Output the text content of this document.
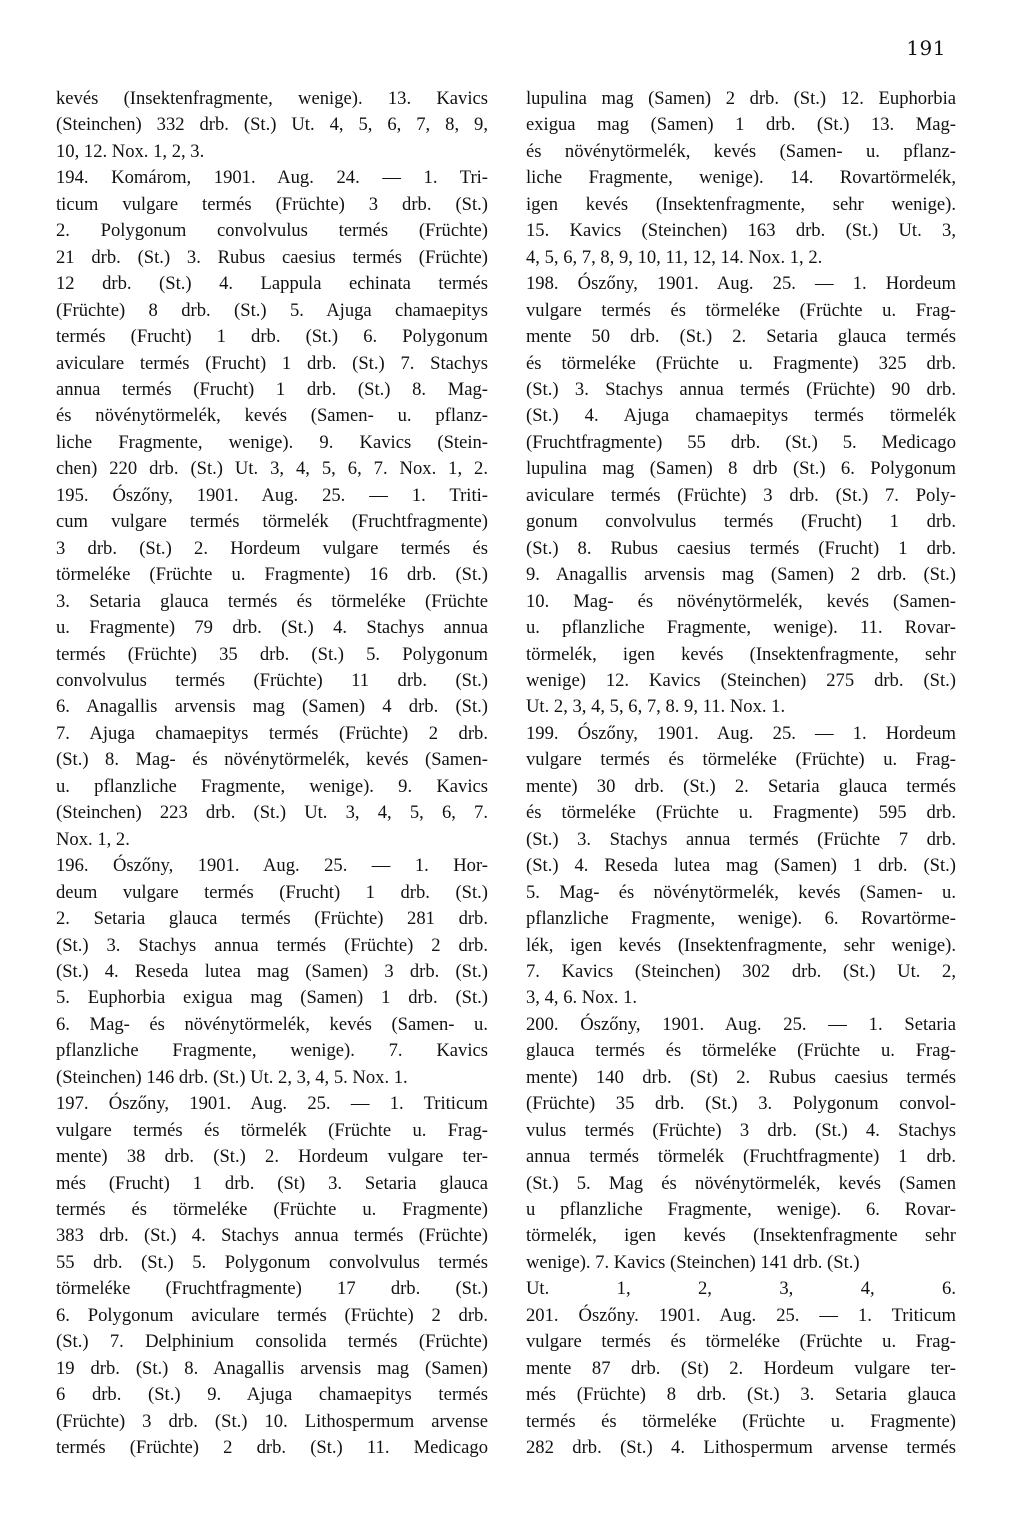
191
kevés (Insektenfragmente, wenige). 13. Kavics
(Steinchen) 332 drb. (St.) Ut. 4, 5, 6, 7, 8, 9,
10, 12. Nox. 1, 2, 3.
194. Komárom, 1901. Aug. 24. — 1. Tri-
ticum vulgare termés (Früchte) 3 drb. (St.)
2. Polygonum convolvulus termés (Früchte)
21 drb. (St.) 3. Rubus caesius termés (Früchte)
12 drb. (St.) 4. Lappula echinata termés
(Früchte) 8 drb. (St.) 5. Ajuga chamaepitys
termés (Frucht) 1 drb. (St.) 6. Polygonum
aviculare termés (Frucht) 1 drb. (St.) 7. Stachys
annua termés (Frucht) 1 drb. (St.) 8. Mag-
és növénytörmelék, kevés (Samen- u. pflanz-
liche Fragmente, wenige). 9. Kavics (Stein-
chen) 220 drb. (St.) Ut. 3, 4, 5, 6, 7. Nox. 1, 2.
195. Ószőny, 1901. Aug. 25. — 1. Triti-
cum vulgare termés törmelék (Fruchtfragmente)
3 drb. (St.) 2. Hordeum vulgare termés és
törmeléke (Früchte u. Fragmente) 16 drb. (St.)
3. Setaria glauca termés és törmeléke (Früchte
u. Fragmente) 79 drb. (St.) 4. Stachys annua
termés (Früchte) 35 drb. (St.) 5. Polygonum
convolvulus termés (Früchte) 11 drb. (St.)
6. Anagallis arvensis mag (Samen) 4 drb. (St.)
7. Ajuga chamaepitys termés (Früchte) 2 drb.
(St.) 8. Mag- és növénytörmelék, kevés (Samen-
u. pflanzliche Fragmente, wenige). 9. Kavics
(Steinchen) 223 drb. (St.) Ut. 3, 4, 5, 6, 7.
Nox. 1, 2.
196. Ószőny, 1901. Aug. 25. — 1. Hor-
deum vulgare termés (Frucht) 1 drb. (St.)
2. Setaria glauca termés (Früchte) 281 drb.
(St.) 3. Stachys annua termés (Früchte) 2 drb.
(St.) 4. Reseda lutea mag (Samen) 3 drb. (St.)
5. Euphorbia exigua mag (Samen) 1 drb. (St.)
6. Mag- és növénytörmelék, kevés (Samen- u.
pflanzliche Fragmente, wenige). 7. Kavics
(Steinchen) 146 drb. (St.) Ut. 2, 3, 4, 5. Nox. 1.
197. Ószőny, 1901. Aug. 25. — 1. Triticum
vulgare termés és törmelék (Früchte u. Frag-
mente) 38 drb. (St.) 2. Hordeum vulgare ter-
més (Frucht) 1 drb. (St) 3. Setaria glauca
termés és törmeléke (Früchte u. Fragmente)
383 drb. (St.) 4. Stachys annua termés (Früchte)
55 drb. (St.) 5. Polygonum convolvulus termés
törmeléke (Fruchtfragmente) 17 drb. (St.)
6. Polygonum aviculare termés (Früchte) 2 drb.
(St.) 7. Delphinium consolida termés (Früchte)
19 drb. (St.) 8. Anagallis arvensis mag (Samen)
6 drb. (St.) 9. Ajuga chamaepitys termés
(Früchte) 3 drb. (St.) 10. Lithospermum arvense
termés (Früchte) 2 drb. (St.) 11. Medicago
lupulina mag (Samen) 2 drb. (St.) 12. Euphorbia
exigua mag (Samen) 1 drb. (St.) 13. Mag-
és növénytörmelék, kevés (Samen- u. pflanz-
liche Fragmente, wenige). 14. Rovartörmelék,
igen kevés (Insektenfragmente, sehr wenige).
15. Kavics (Steinchen) 163 drb. (St.) Ut. 3,
4, 5, 6, 7, 8, 9, 10, 11, 12, 14. Nox. 1, 2.
198. Ószőny, 1901. Aug. 25. — 1. Hordeum
vulgare termés és törmeléke (Früchte u. Frag-
mente 50 drb. (St.) 2. Setaria glauca termés
és törmeléke (Früchte u. Fragmente) 325 drb.
(St.) 3. Stachys annua termés (Früchte) 90 drb.
(St.) 4. Ajuga chamaepitys termés törmelék
(Fruchtfragmente) 55 drb. (St.) 5. Medicago
lupulina mag (Samen) 8 drb (St.) 6. Polygonum
aviculare termés (Früchte) 3 drb. (St.) 7. Poly-
gonum convolvulus termés (Frucht) 1 drb.
(St.) 8. Rubus caesius termés (Frucht) 1 drb.
9. Anagallis arvensis mag (Samen) 2 drb. (St.)
10. Mag- és növénytörmelék, kevés (Samen-
u. pflanzliche Fragmente, wenige). 11. Rovar-
törmelék, igen kevés (Insektenfragmente, sehr
wenige) 12. Kavics (Steinchen) 275 drb. (St.)
Ut. 2, 3, 4, 5, 6, 7, 8. 9, 11. Nox. 1.
199. Ószőny, 1901. Aug. 25. — 1. Hordeum
vulgare termés és törmeléke (Früchte) u. Frag-
mente) 30 drb. (St.) 2. Setaria glauca termés
és törmeléke (Früchte u. Fragmente) 595 drb.
(St.) 3. Stachys annua termés (Früchte 7 drb.
(St.) 4. Reseda lutea mag (Samen) 1 drb. (St.)
5. Mag- és növénytörmelék, kevés (Samen- u.
pflanzliche Fragmente, wenige). 6. Rovartörme-
lék, igen kevés (Insektenfragmente, sehr wenige).
7. Kavics (Steinchen) 302 drb. (St.) Ut. 2,
3, 4, 6. Nox. 1.
200. Ószőny, 1901. Aug. 25. — 1. Setaria
glauca termés és törmeléke (Früchte u. Frag-
mente) 140 drb. (St) 2. Rubus caesius termés
(Früchte) 35 drb. (St.) 3. Polygonum convol-
vulus termés (Früchte) 3 drb. (St.) 4. Stachys
annua termés törmelék (Fruchtfragmente) 1 drb.
(St.) 5. Mag és növénytörmelék, kevés (Samen
u pflanzliche Fragmente, wenige). 6. Rovar-
törmelék, igen kevés (Insektenfragmente sehr
wenige). 7. Kavics (Steinchen) 141 drb. (St.)
Ut. 1, 2, 3, 4, 6.
201. Ószőny. 1901. Aug. 25. — 1. Triticum
vulgare termés és törmeléke (Früchte u. Frag-
mente 87 drb. (St) 2. Hordeum vulgare ter-
més (Früchte) 8 drb. (St.) 3. Setaria glauca
termés és törmeléke (Früchte u. Fragmente)
282 drb. (St.) 4. Lithospermum arvense termés
